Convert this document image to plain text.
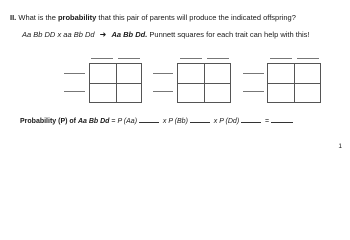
II. What is the probability that this pair of parents will produce the indicated offspring?
Aa Bb DD x aa Bb Dd ➜ Aa Bb Dd. Punnett squares for each trait can help with this!
Probability (P) of Aa Bb Dd = P (Aa)	x P (Bb)	x P (Dd)	=
1
